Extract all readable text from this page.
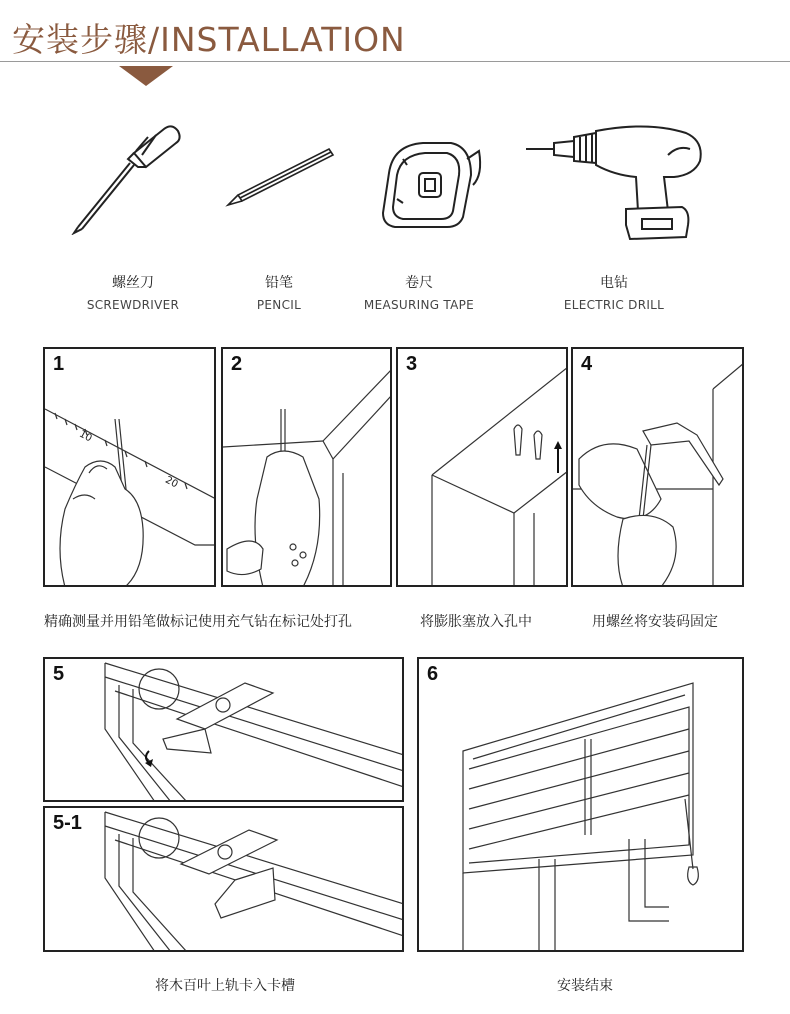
安装步骤/INSTALLATION
螺丝刀
SCREWDRIVER
铅笔
PENCIL
卷尺
MEASURING TAPE
电钻
ELECTRIC DRILL
1
10
20
2	3	4
精确测量并用铅笔做标记使用充气钻在标记处打孔	将膨胀塞放入孔中	用螺丝将安装码固定
5
5-1
6
将木百叶上轨卡入卡槽	安装结束
